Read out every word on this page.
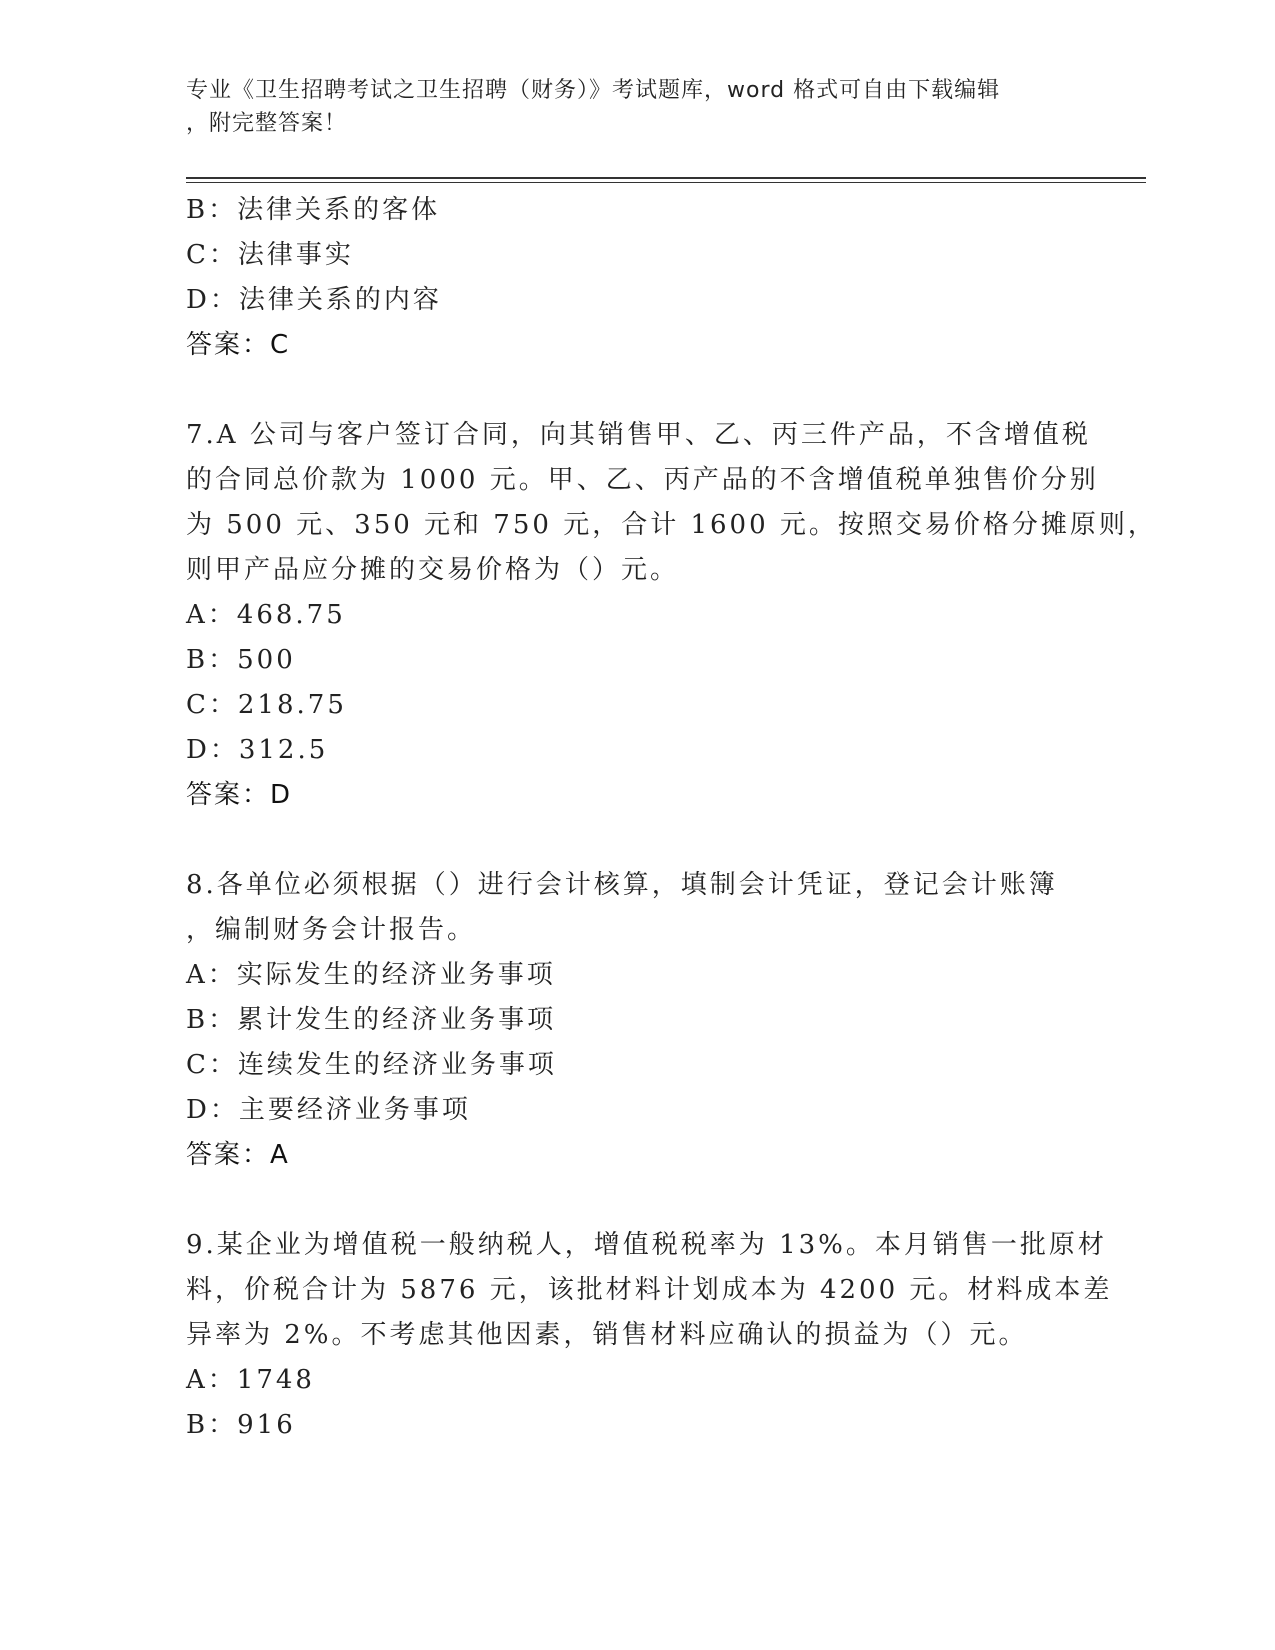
专业《卫生招聘考试之卫生招聘（财务）》考试题库，word 格式可自由下载编辑
，附完整答案！
B：法律关系的客体
C：法律事实
D：法律关系的内容
答案：C
7.A 公司与客户签订合同，向其销售甲、乙、丙三件产品，不含增值税
的合同总价款为 1000 元。甲、乙、丙产品的不含增值税单独售价分别
为 500 元、350 元和 750 元，合计 1600 元。按照交易价格分摊原则，
则甲产品应分摊的交易价格为（）元。
A：468.75
B：500
C：218.75
D：312.5
答案：D
8.各单位必须根据（）进行会计核算，填制会计凭证，登记会计账簿
，编制财务会计报告。
A：实际发生的经济业务事项
B：累计发生的经济业务事项
C：连续发生的经济业务事项
D：主要经济业务事项
答案：A
9.某企业为增值税一般纳税人，增值税税率为 13%。本月销售一批原材
料，价税合计为 5876 元，该批材料计划成本为 4200 元。材料成本差
异率为 2%。不考虑其他因素，销售材料应确认的损益为（）元。
A：1748
B：916
